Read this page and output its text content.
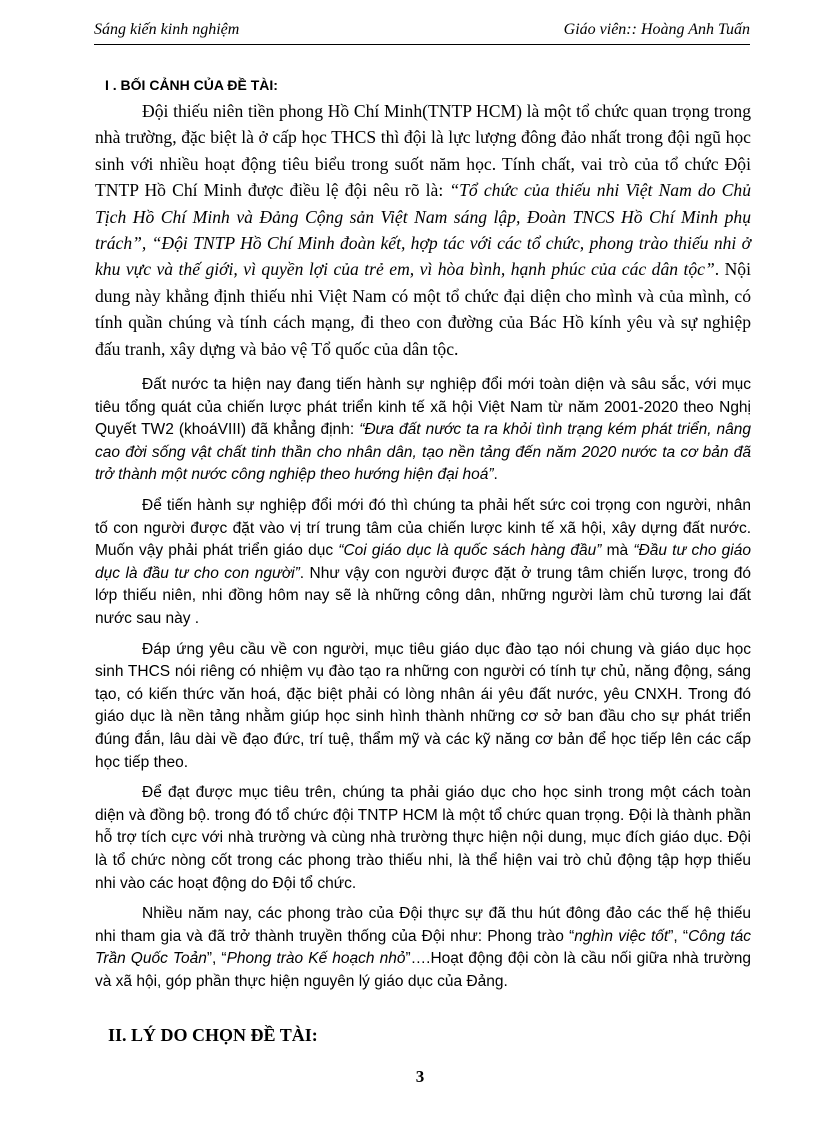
Sáng kiến kinh nghiệm	Giáo viên:: Hoàng Anh Tuấn

I . BỐI CẢNH CỦA ĐỀ TÀI:

Đội thiếu niên tiền phong Hồ Chí Minh(TNTP HCM) là một tổ chức quan trọng trong nhà trường, đặc biệt là ở cấp học THCS thì đội là lực lượng đông đảo nhất trong đội ngũ học sinh với nhiều hoạt động tiêu biểu trong suốt năm học. Tính chất, vai trò của tổ chức Đội TNTP Hồ Chí Minh được điều lệ đội nêu rõ là: “Tổ chức của thiếu nhi Việt Nam do Chủ Tịch Hồ Chí Minh và Đảng Cộng sản Việt Nam sáng lập, Đoàn TNCS Hồ Chí Minh phụ trách”, “Đội TNTP Hồ Chí Minh đoàn kết, hợp tác với các tổ chức, phong trào thiếu nhi ở khu vực và thế giới, vì quyền lợi của trẻ em, vì hòa bình, hạnh phúc của các dân tộc”. Nội dung này khẳng định thiếu nhi Việt Nam có một tổ chức đại diện cho mình và của mình, có tính quần chúng và tính cách mạng, đi theo con đường của Bác Hồ kính yêu và sự nghiệp đấu tranh, xây dựng và bảo vệ Tổ quốc của dân tộc.

Đất nước ta hiện nay đang tiến hành sự nghiệp đổi mới toàn diện và sâu sắc, với mục tiêu tổng quát của chiến lược phát triển kinh tế xã hội Việt Nam từ năm 2001-2020 theo Nghị Quyết TW2 (khoáVIII) đã khẳng định: “Đưa đất nước ta ra khỏi tình trạng kém phát triển, nâng cao đời sống vật chất tinh thần cho nhân dân, tạo nền tảng đến năm 2020 nước ta cơ bản đã trở thành một nước công nghiệp theo hướng hiện đại hoá”.

Để tiến hành sự nghiệp đổi mới đó thì chúng ta phải hết sức coi trọng con người, nhân tố con người được đặt vào vị trí trung tâm của chiến lược kinh tế xã hội, xây dựng đất nước. Muốn vậy phải phát triển giáo dục “Coi giáo dục là quốc sách hàng đầu” mà “Đầu tư cho giáo dục là đầu tư cho con người”. Như vậy con người được đặt ở trung tâm chiến lược, trong đó lớp thiếu niên, nhi đồng hôm nay sẽ là những công dân, những người làm chủ tương lai đất nước sau này .

Đáp ứng yêu cầu về con người, mục tiêu giáo dục đào tạo nói chung và giáo dục học sinh THCS nói riêng có nhiệm vụ đào tạo ra những con người có tính tự chủ, năng động, sáng tạo, có kiến thức văn hoá, đặc biệt phải có lòng nhân ái yêu đất nước, yêu CNXH. Trong đó giáo dục là nền tảng nhằm giúp học sinh hình thành những cơ sở ban đầu cho sự phát triển đúng đắn, lâu dài về đạo đức, trí tuệ, thẩm mỹ và các kỹ năng cơ bản để học tiếp lên các cấp học tiếp theo.

Để đạt được mục tiêu trên, chúng ta phải giáo dục cho học sinh trong một cách toàn diện và đồng bộ. trong đó tổ chức đội TNTP HCM là một tổ chức quan trọng. Đội là thành phần hỗ trợ tích cực với nhà trường và cùng nhà trường thực hiện nội dung, mục đích giáo dục. Đội là tổ chức nòng cốt trong các phong trào thiếu nhi, là thể hiện vai trò chủ động tập hợp thiếu nhi vào các hoạt động do Đội tổ chức.

Nhiều năm nay, các phong trào của Đội thực sự đã thu hút đông đảo các thế hệ thiếu nhi tham gia và đã trở thành truyền thống của Đội như: Phong trào “nghìn việc tốt”, “Công tác Trần Quốc Toản”, “Phong trào Kế hoạch nhỏ”….Hoạt động đội còn là cầu nối giữa nhà trường và xã hội, góp phần thực hiện nguyên lý giáo dục của Đảng.

II. LÝ DO CHỌN ĐỀ TÀI:
3
